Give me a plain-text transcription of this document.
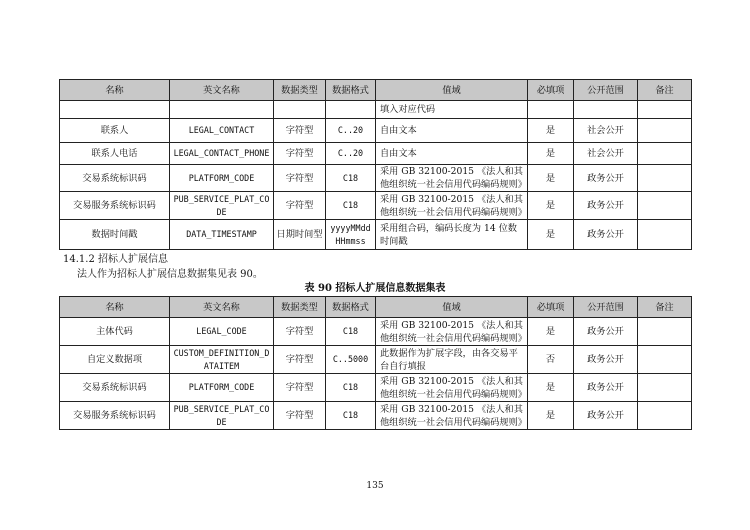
名称	英文名称	数据类型	数据格式	值域	必填项	公开范围	备注
				填入对应代码			
联系人	LEGAL_CONTACT	字符型	C..20	自由文本	是	社会公开	
联系人电话	LEGAL_CONTACT_PHONE	字符型	C..20	自由文本	是	社会公开	
交易系统标识码	PLATFORM_CODE	字符型	C18	采用 GB 32100-2015 《法人和其他组织统一社会信用代码编码规则》	是	政务公开	
交易服务系统标识码	PUB_SERVICE_PLAT_CODE	字符型	C18	采用 GB 32100-2015 《法人和其他组织统一社会信用代码编码规则》	是	政务公开	
数据时间戳	DATA_TIMESTAMP	日期时间型	yyyyMMddHHmmss	采用组合码，编码长度为 14 位数时间戳	是	政务公开	
14.1.2 招标人扩展信息
法人作为招标人扩展信息数据集见表 90。
表 90 招标人扩展信息数据集表
名称	英文名称	数据类型	数据格式	值域	必填项	公开范围	备注
主体代码	LEGAL_CODE	字符型	C18	采用 GB 32100-2015 《法人和其他组织统一社会信用代码编码规则》	是	政务公开	
自定义数据项	CUSTOM_DEFINITION_DATAITEM	字符型	C..5000	此数据作为扩展字段，由各交易平台自行填报	否	政务公开	
交易系统标识码	PLATFORM_CODE	字符型	C18	采用 GB 32100-2015 《法人和其他组织统一社会信用代码编码规则》	是	政务公开	
交易服务系统标识码	PUB_SERVICE_PLAT_CODE	字符型	C18	采用 GB 32100-2015 《法人和其他组织统一社会信用代码编码规则》	是	政务公开	
135
